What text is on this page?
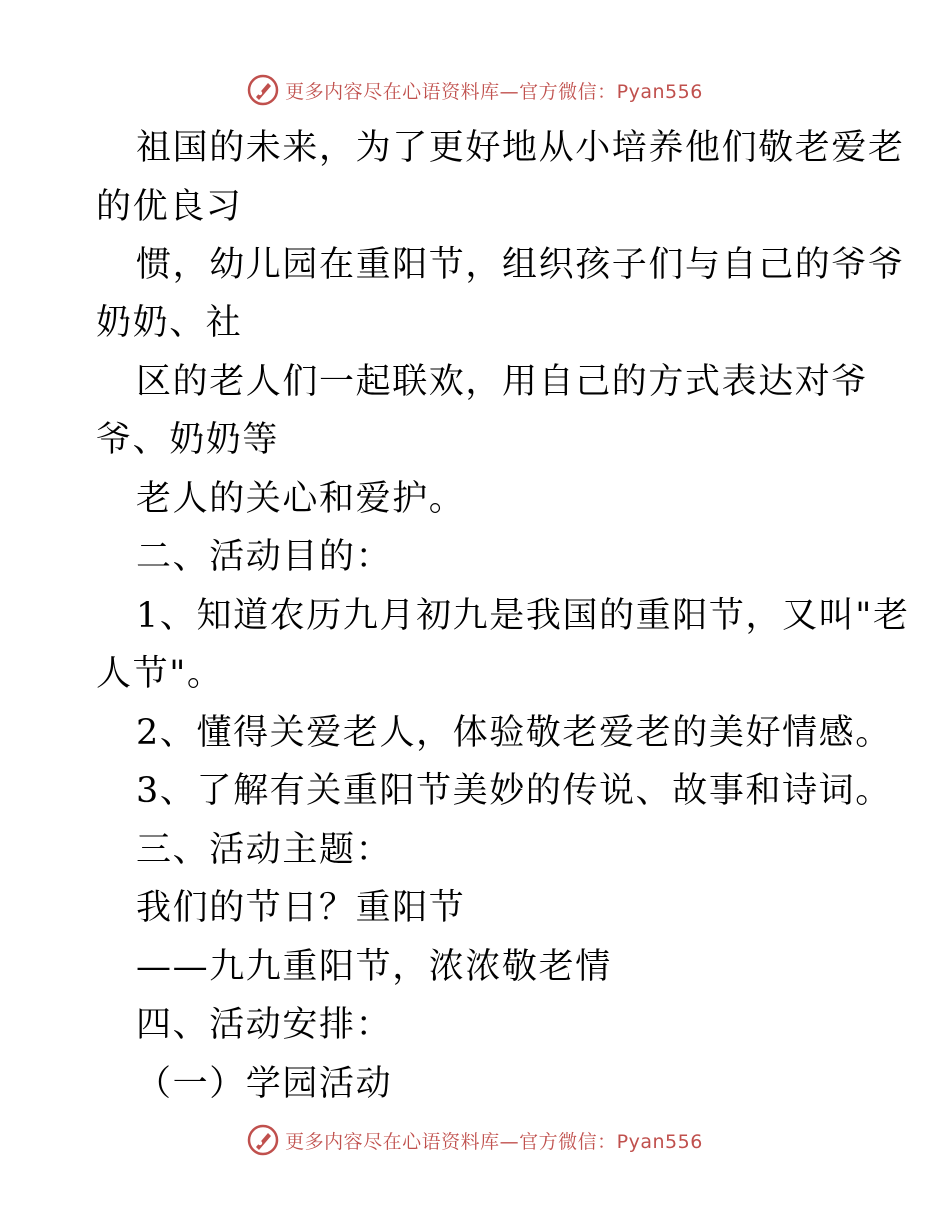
更多内容尽在心语资料库—官方微信：Pyan556
祖国的未来，为了更好地从小培养他们敬老爱老
的优良习
惯，幼儿园在重阳节，组织孩子们与自己的爷爷
奶奶、社
区的老人们一起联欢，用自己的方式表达对爷
爷、奶奶等
老人的关心和爱护。
二、活动目的：
1、知道农历九月初九是我国的重阳节，又叫"老
人节"。
2、懂得关爱老人，体验敬老爱老的美好情感。
3、了解有关重阳节美妙的传说、故事和诗词。
三、活动主题：
我们的节日？重阳节
——九九重阳节，浓浓敬老情
四、活动安排：
（一）学园活动
更多内容尽在心语资料库—官方微信：Pyan556
